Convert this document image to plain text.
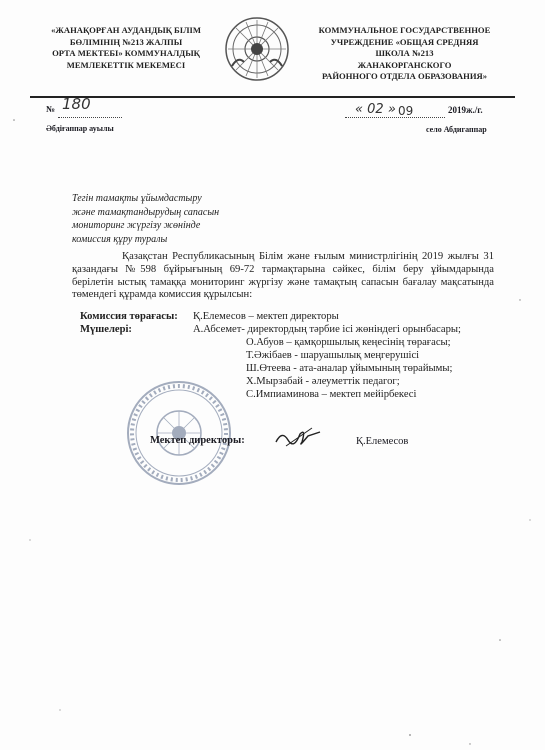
«ЖАНАҚОРҒАН АУДАНДЫҚ БІЛІМ
БӨЛІМІНІҢ №213 ЖАЛПЫ
ОРТА МЕКТЕБІ» КОММУНАЛДЫҚ
МЕМЛЕКЕТТІК МЕКЕМЕСІ
КОММУНАЛЬНОЕ ГОСУДАРСТВЕННОЕ
УЧРЕЖДЕНИЕ «ОБЩАЯ СРЕДНЯЯ
ШКОЛА №213
ЖАНАКОРГАНСКОГО
РАЙОННОГО ОТДЕЛА ОБРАЗОВАНИЯ»
№ 180
Әбдіғаппар ауылы
« 02 » 09	2019ж./г.
село Абдигаппар
Тегін тамақты ұйымдастыру
және тамақтандырудың сапасын
мониторинг жүргізу жөнінде
комиссия құру туралы
Қазақстан Республикасының Білім және ғылым министрлігінің 2019 жылғы 31 қазандағы №598 бұйрығының 69-72 тармақтарына сәйкес, білім беру ұйымдарында берілетін ыстық тамаққа мониторинг жүргізу және тамақтың сапасын бағалау мақсатында төмендегі құрамда комиссия құрылсын:
Комиссия төрағасы: Қ.Елемесов – мектеп директоры
Мүшелері:	А.Абсемет- директордың тәрбие ісі жөніндегі орынбасары;
О.Абуов – қамқоршылық кеңесінің төрағасы;
Т.Әжібаев - шаруашылық меңгерушісі
Ш.Өтеева - ата-аналар ұйымының төрайымы;
Х.Мырзабай - әлеуметтік педагог;
С.Импиаминова – мектеп мейірбекесі
Мектеп директоры:	Қ.Елемесов
